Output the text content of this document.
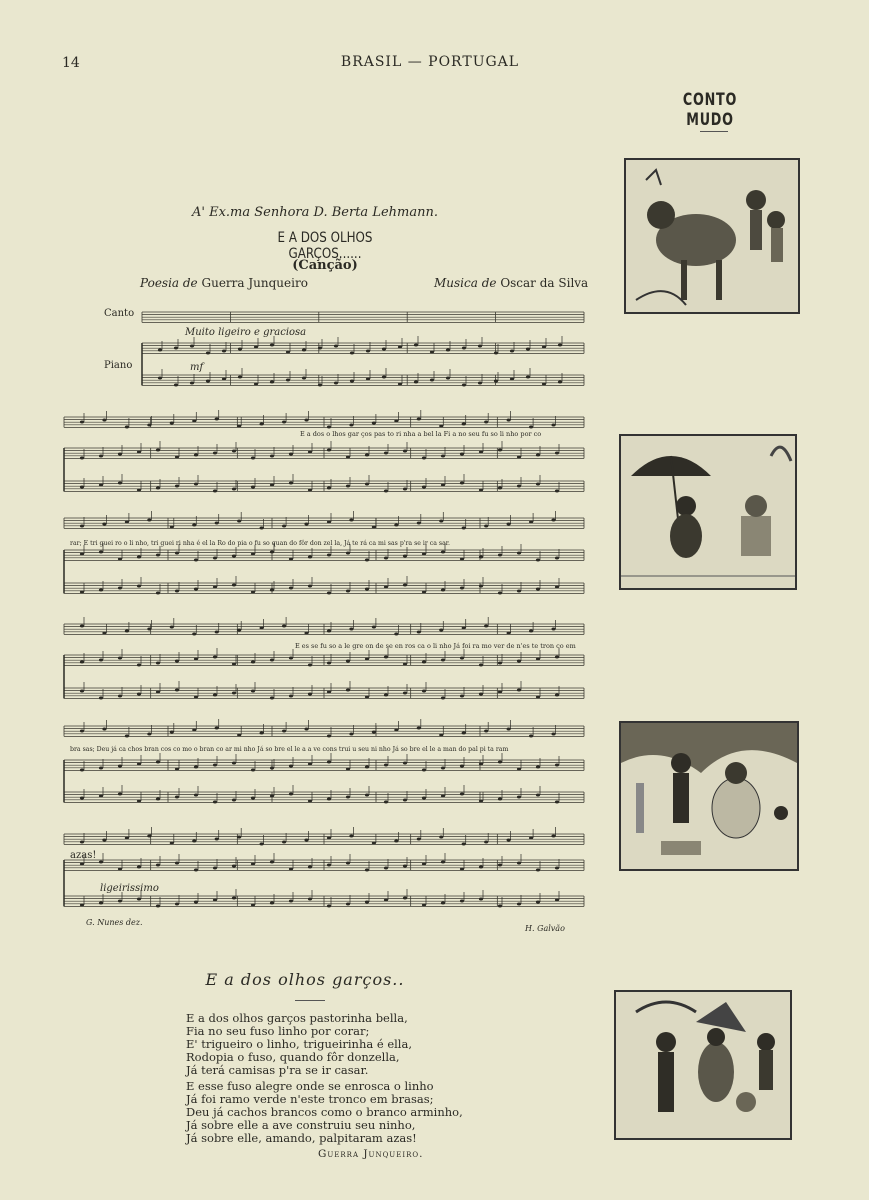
14	BRASIL — PORTUGAL
CONTO MUDO
A' Ex.ma Senhora D. Berta Lehmann.
E A DOS OLHOS GARÇOS......
(Canção)
Poesia de Guerra Junqueiro	Musica de Oscar da Silva
Canto
Piano
Muito ligeiro e graciosa
mf
ligeirissimo
azas!
E a dos o lhos gar ços pas to ri nha a bel la Fi a no seu fu so li nho por co
rar; E tri guei ro o li nho, tri guei ri nha é el la Ro do pia o fu so quan do fôr don zel la, Já te rá ca mi sas p'ra se ir ca sar.
E es se fu so a le gre on de se en ros ca o li nho Já foi ra mo ver de n'es te tron co em
bra sas; Deu já ca chos bran cos co mo o bran co ar mi nho Já so bre el le a a ve cons trui u seu ni nho Já so bre el le a man do pal pi ta ram
G. Nunes dez.
H. Galvão
E a dos olhos garços..
E a dos olhos garços pastorinha bella,
Fia no seu fuso linho por corar;
E' trigueiro o linho, trigueirinha é ella,
Rodopia o fuso, quando fôr donzella,
Já terá camisas p'ra se ir casar.
E esse fuso alegre onde se enrosca o linho
Já foi ramo verde n'este tronco em brasas;
Deu já cachos brancos como o branco arminho,
Já sobre elle a ave construiu seu ninho,
Já sobre elle, amando, palpitaram azas!
Guerra Junqueiro.
